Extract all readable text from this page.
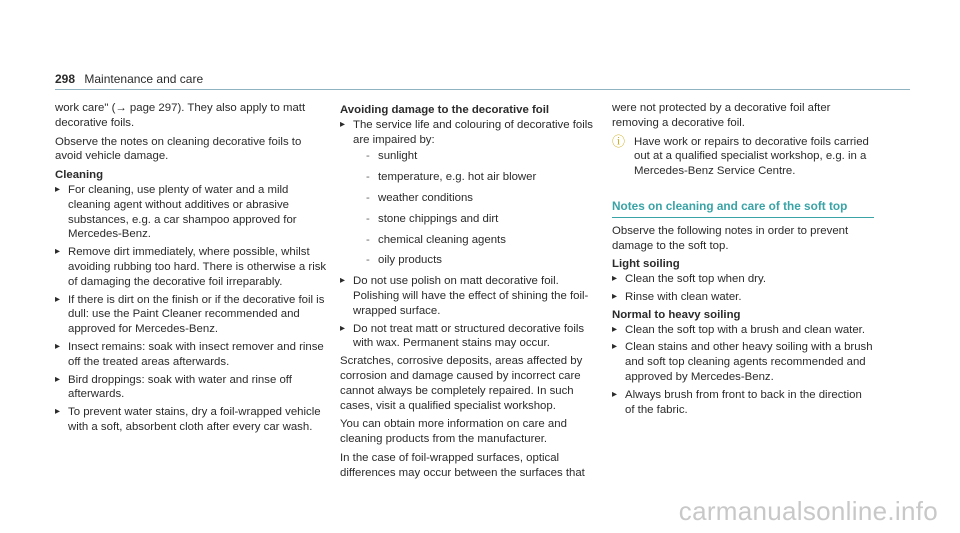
298 Maintenance and care

work care" (→ page 297). They also apply to matt decorative foils.

Observe the notes on cleaning decorative foils to avoid vehicle damage.

Cleaning
▸ For cleaning, use plenty of water and a mild cleaning agent without additives or abrasive substances, e.g. a car shampoo approved for Mercedes-Benz.
▸ Remove dirt immediately, where possible, whilst avoiding rubbing too hard. There is otherwise a risk of damaging the decorative foil irreparably.
▸ If there is dirt on the finish or if the decorative foil is dull: use the Paint Cleaner recommended and approved for Mercedes-Benz.
▸ Insect remains: soak with insect remover and rinse off the treated areas afterwards.
▸ Bird droppings: soak with water and rinse off afterwards.
▸ To prevent water stains, dry a foil-wrapped vehicle with a soft, absorbent cloth after every car wash.
Avoiding damage to the decorative foil
▸ The service life and colouring of decorative foils are impaired by:
- sunlight
- temperature, e.g. hot air blower
- weather conditions
- stone chippings and dirt
- chemical cleaning agents
- oily products
▸ Do not use polish on matt decorative foil. Polishing will have the effect of shining the foil-wrapped surface.
▸ Do not treat matt or structured decorative foils with wax. Permanent stains may occur.

Scratches, corrosive deposits, areas affected by corrosion and damage caused by incorrect care cannot always be completely repaired. In such cases, visit a qualified specialist workshop.

You can obtain more information on care and cleaning products from the manufacturer.

In the case of foil-wrapped surfaces, optical differences may occur between the surfaces that

were not protected by a decorative foil after removing a decorative foil.

ⓘ Have work or repairs to decorative foils carried out at a qualified specialist workshop, e.g. in a Mercedes-Benz Service Centre.
Notes on cleaning and care of the soft top

Observe the following notes in order to prevent damage to the soft top.

Light soiling
▸ Clean the soft top when dry.
▸ Rinse with clean water.
Normal to heavy soiling
▸ Clean the soft top with a brush and clean water.
▸ Clean stains and other heavy soiling with a brush and soft top cleaning agents recommended and approved by Mercedes-Benz.
▸ Always brush from front to back in the direction of the fabric.
carmanualsonline.info
